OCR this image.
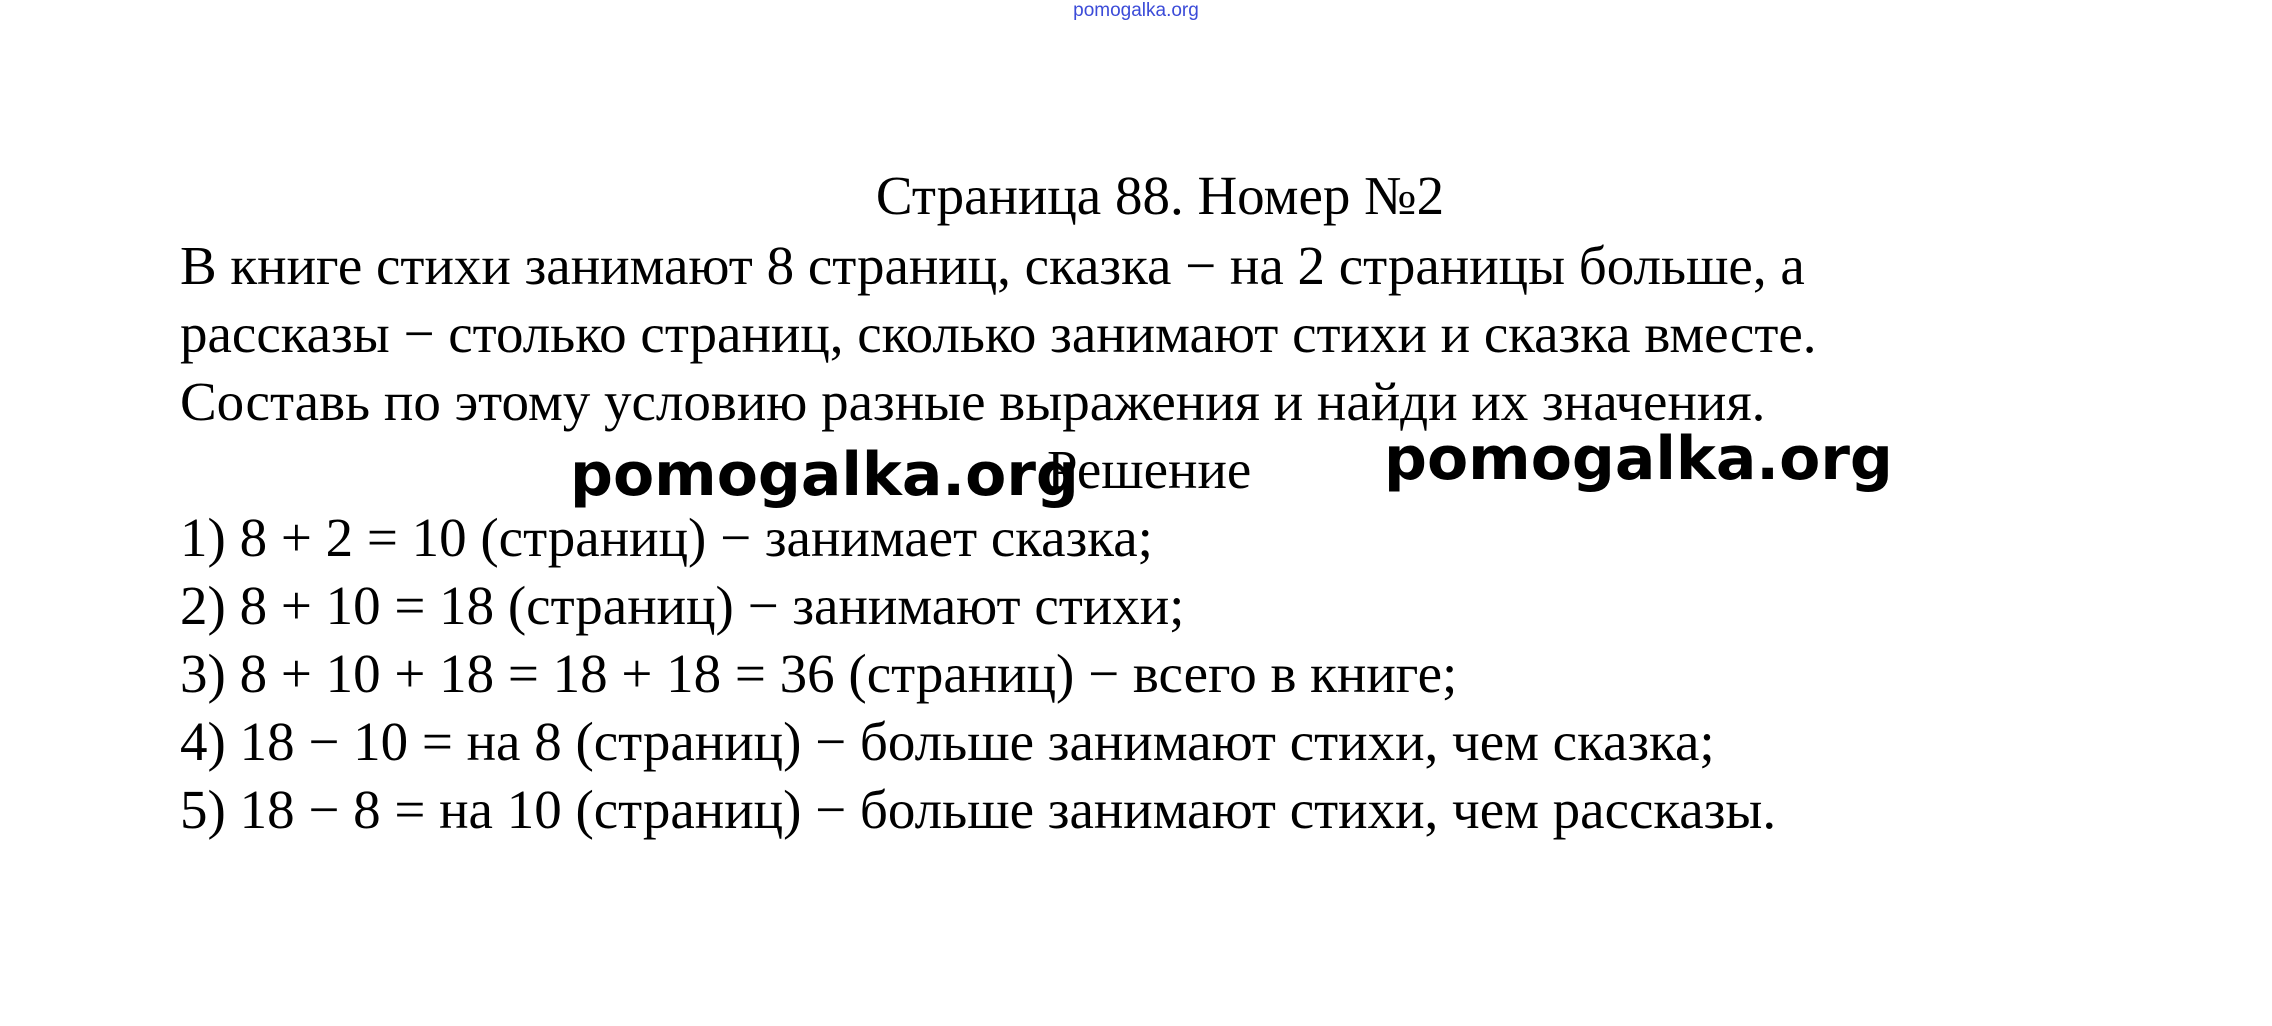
pomogalka.org
Страница 88. Номер №2
В книге стихи занимают 8 страниц, сказка − на 2 страницы больше, а
рассказы − столько страниц, сколько занимают стихи и сказка вместе.
Составь по этому условию разные выражения и найди их значения.
pomogalka.org
Решение pomogalka.org
1) 8 + 2 = 10 (страниц) − занимает сказка;
2) 8 + 10 = 18 (страниц) − занимают стихи;
3) 8 + 10 + 18 = 18 + 18 = 36 (страниц) − всего в книге;
4) 18 − 10 = на 8 (страниц) − больше занимают стихи, чем сказка;
5) 18 − 8 = на 10 (страниц) − больше занимают стихи, чем рассказы.
